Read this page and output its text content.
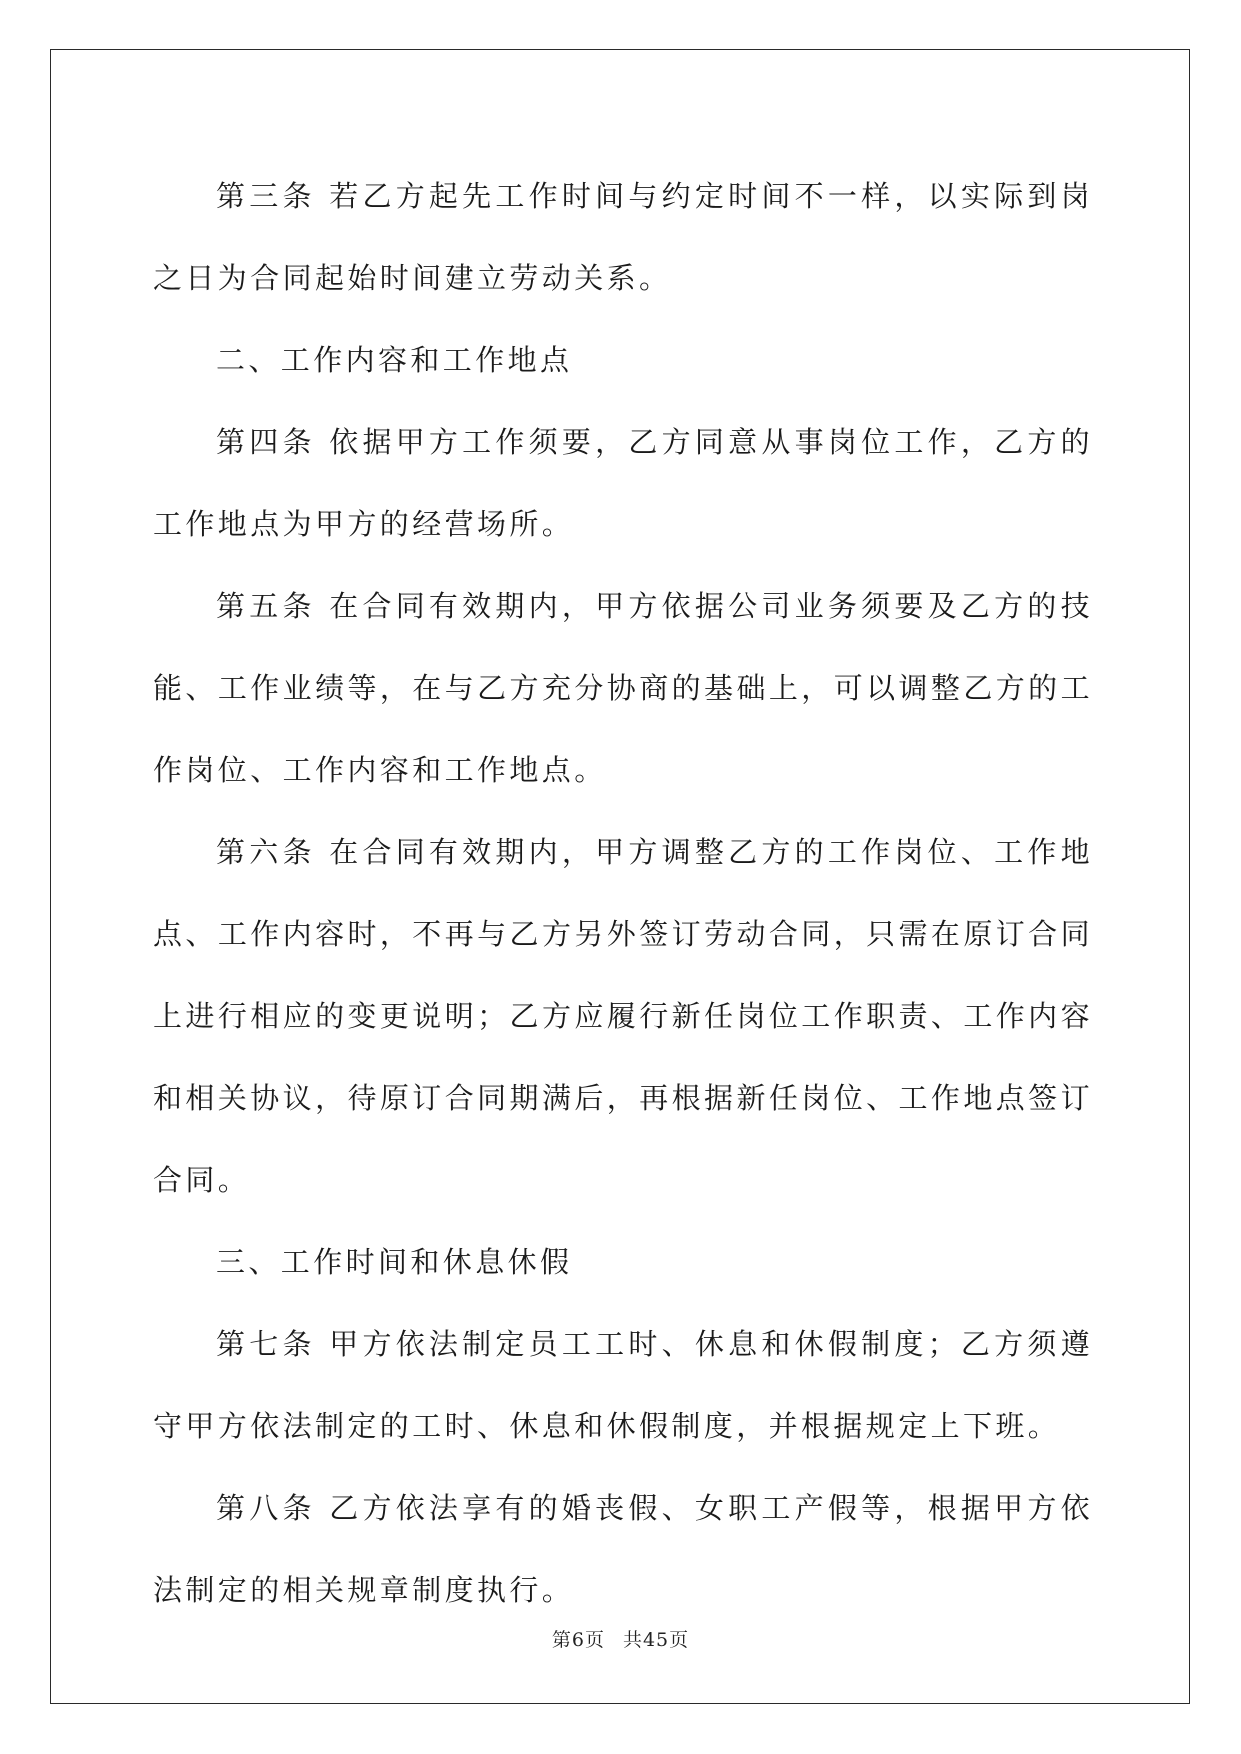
第三条 若乙方起先工作时间与约定时间不一样，以实际到岗之日为合同起始时间建立劳动关系。

二、工作内容和工作地点

第四条 依据甲方工作须要，乙方同意从事岗位工作，乙方的工作地点为甲方的经营场所。

第五条 在合同有效期内，甲方依据公司业务须要及乙方的技能、工作业绩等，在与乙方充分协商的基础上，可以调整乙方的工作岗位、工作内容和工作地点。

第六条 在合同有效期内，甲方调整乙方的工作岗位、工作地点、工作内容时，不再与乙方另外签订劳动合同，只需在原订合同上进行相应的变更说明；乙方应履行新任岗位工作职责、工作内容和相关协议，待原订合同期满后，再根据新任岗位、工作地点签订合同。

三、工作时间和休息休假

第七条 甲方依法制定员工工时、休息和休假制度；乙方须遵守甲方依法制定的工时、休息和休假制度，并根据规定上下班。

第八条 乙方依法享有的婚丧假、女职工产假等，根据甲方依法制定的相关规章制度执行。

第6页 共45页
